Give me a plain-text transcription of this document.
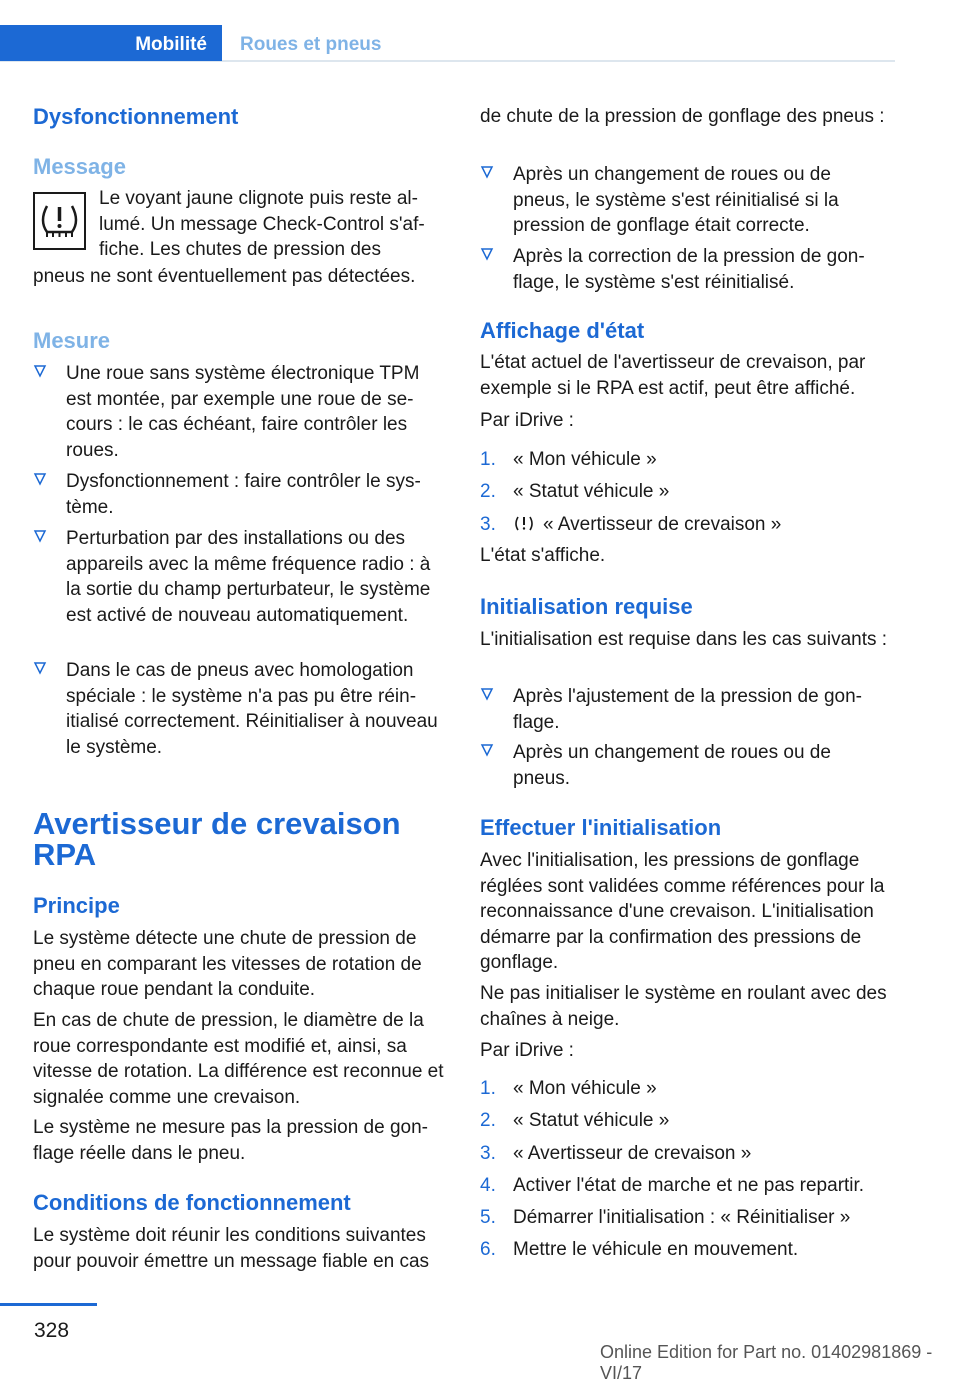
Mobilité	Roues et pneus
Dysfonctionnement
Message
Le voyant jaune clignote puis reste al-
lumé. Un message Check-Control s'af-
fiche. Les chutes de pression des
pneus ne sont éventuellement pas détectées.
Mesure
Une roue sans système électronique TPM est montée, par exemple une roue de secours : le cas échéant, faire contrôler les roues.
Dysfonctionnement : faire contrôler le système.
Perturbation par des installations ou des appareils avec la même fréquence radio : à la sortie du champ perturbateur, le système est activé de nouveau automatiquement.
Dans le cas de pneus avec homologation spéciale : le système n'a pas pu être réinitialisé correctement. Réinitialiser à nouveau le système.
Avertisseur de crevaison
RPA
Principe
Le système détecte une chute de pression de pneu en comparant les vitesses de rotation de chaque roue pendant la conduite.
En cas de chute de pression, le diamètre de la roue correspondante est modifié et, ainsi, sa vitesse de rotation. La différence est reconnue et signalée comme une crevaison.
Le système ne mesure pas la pression de gonflage réelle dans le pneu.
Conditions de fonctionnement
Le système doit réunir les conditions suivantes pour pouvoir émettre un message fiable en cas
de chute de la pression de gonflage des pneus :
Après un changement de roues ou de pneus, le système s'est réinitialisé si la pression de gonflage était correcte.
Après la correction de la pression de gonflage, le système s'est réinitialisé.
Affichage d'état
L'état actuel de l'avertisseur de crevaison, par exemple si le RPA est actif, peut être affiché.
Par iDrive :
1. « Mon véhicule »
2. « Statut véhicule »
3. « Avertisseur de crevaison »
L'état s'affiche.
Initialisation requise
L'initialisation est requise dans les cas suivants :
Après l'ajustement de la pression de gonflage.
Après un changement de roues ou de pneus.
Effectuer l'initialisation
Avec l'initialisation, les pressions de gonflage réglées sont validées comme références pour la reconnaissance d'une crevaison. L'initialisation démarre par la confirmation des pressions de gonflage.
Ne pas initialiser le système en roulant avec des chaînes à neige.
Par iDrive :
1. « Mon véhicule »
2. « Statut véhicule »
3. « Avertisseur de crevaison »
4. Activer l'état de marche et ne pas repartir.
5. Démarrer l'initialisation : « Réinitialiser »
6. Mettre le véhicule en mouvement.
328
Online Edition for Part no. 01402981869 - VI/17
